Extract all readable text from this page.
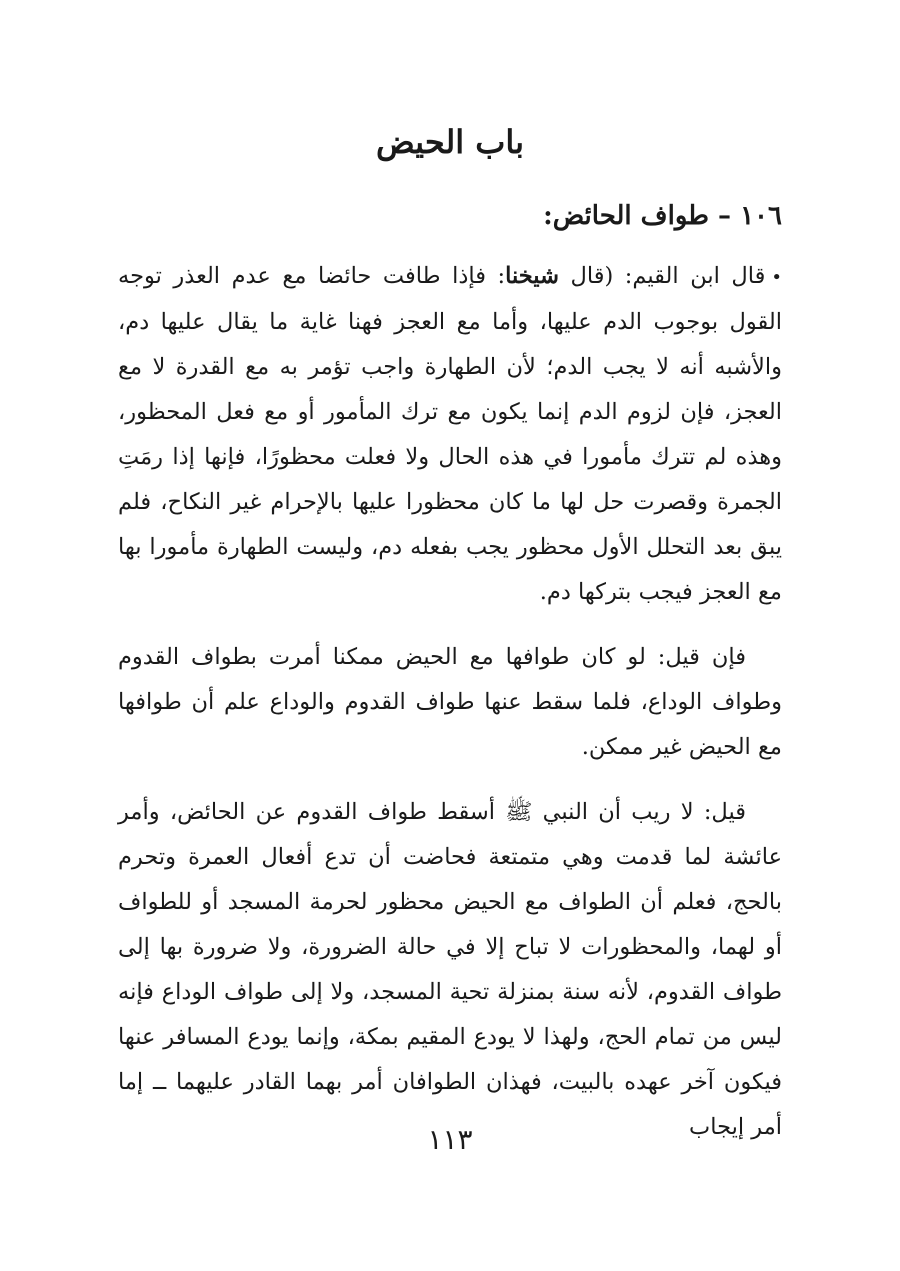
باب الحيض
١٠٦ – طواف الحائض:

•قال ابن القيم: (قال شيخنا: فإذا طافت حائضا مع عدم العذر توجه القول بوجوب الدم عليها، وأما مع العجز فهنا غاية ما يقال عليها دم، والأشبه أنه لا يجب الدم؛ لأن الطهارة واجب تؤمر به مع القدرة لا مع العجز، فإن لزوم الدم إنما يكون مع ترك المأمور أو مع فعل المحظور، وهذه لم تترك مأمورا في هذه الحال ولا فعلت محظورًا، فإنها إذا رمَتِ الجمرة وقصرت حل لها ما كان محظورا عليها بالإحرام غير النكاح، فلم يبق بعد التحلل الأول محظور يجب بفعله دم، وليست الطهارة مأمورا بها مع العجز فيجب بتركها دم.

فإن قيل: لو كان طوافها مع الحيض ممكنا أمرت بطواف القدوم وطواف الوداع، فلما سقط عنها طواف القدوم والوداع علم أن طوافها مع الحيض غير ممكن.

قيل: لا ريب أن النبي ﷺ أسقط طواف القدوم عن الحائض، وأمر عائشة لما قدمت وهي متمتعة فحاضت أن تدع أفعال العمرة وتحرم بالحج، فعلم أن الطواف مع الحيض محظور لحرمة المسجد أو للطواف أو لهما، والمحظورات لا تباح إلا في حالة الضرورة، ولا ضرورة بها إلى طواف القدوم، لأنه سنة بمنزلة تحية المسجد، ولا إلى طواف الوداع فإنه ليس من تمام الحج، ولهذا لا يودع المقيم بمكة، وإنما يودع المسافر عنها فيكون آخر عهده بالبيت، فهذان الطوافان أمر بهما القادر عليهما ــ إما أمر إيجاب

١١٣
